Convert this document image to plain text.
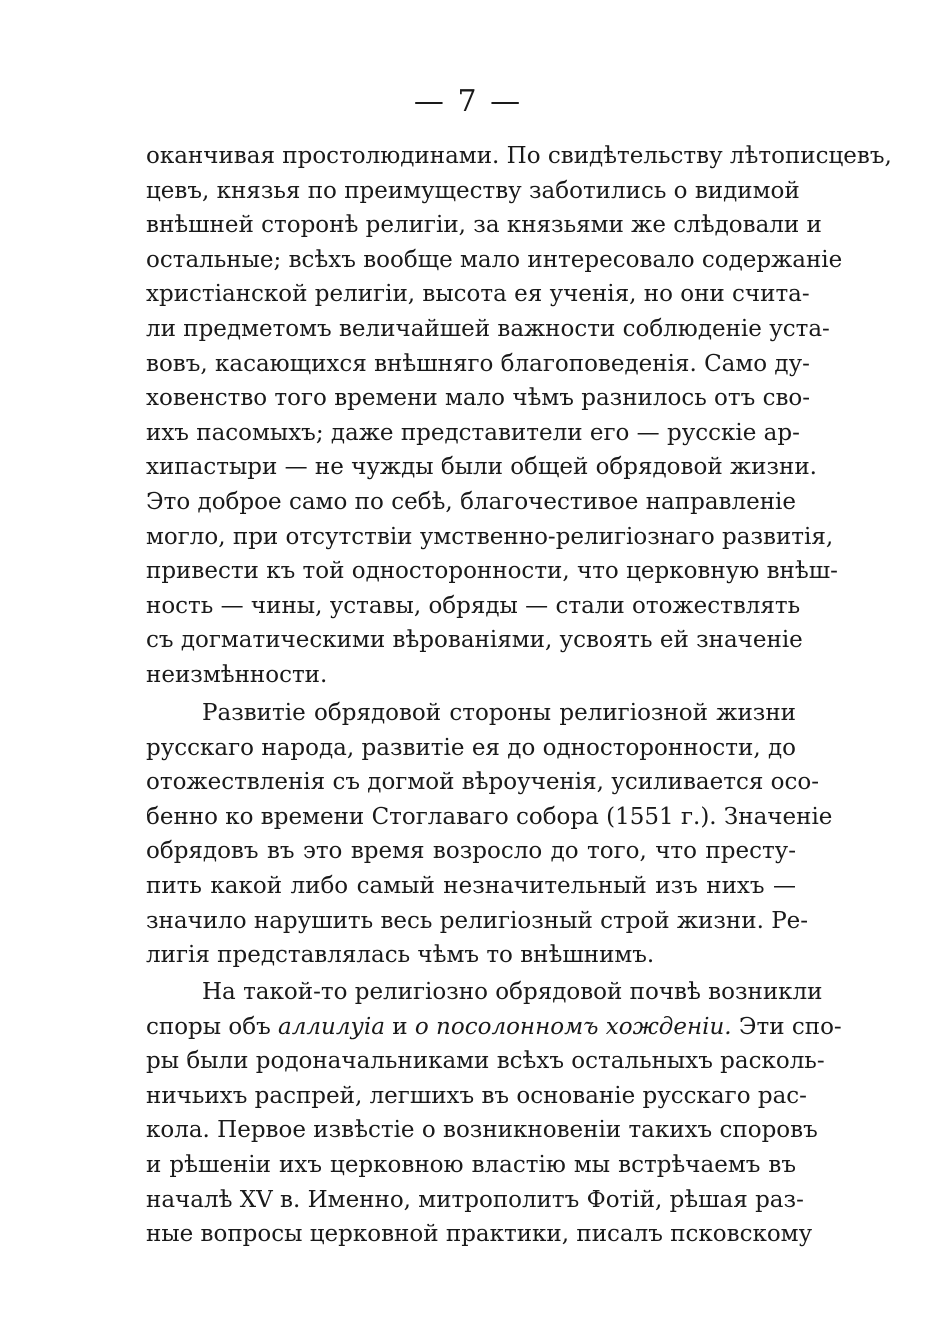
— 7 —
оканчивая простолюдинами. По свидѣтельству лѣтописцевъ,
цевъ, князья по преимуществу заботились о видимой
внѣшней сторонѣ религіи, за князьями же слѣдовали и
остальные; всѣхъ вообще мало интересовало содержаніе
христіанской религіи, высота ея ученія, но они счита-
ли предметомъ величайшей важности соблюденіе уста-
вовъ, касающихся внѣшняго благоповеденія. Само ду-
ховенство того времени мало чѣмъ разнилось отъ сво-
ихъ пасомыхъ; даже представители его — русскіе ар-
хипастыри — не чужды были общей обрядовой жизни.
Это доброе само по себѣ, благочестивое направленіе
могло, при отсутствіи умственно-религіознаго развитія,
привести къ той односторонности, что церковную внѣш-
ность — чины, уставы, обряды — стали отожествлять
съ догматическими вѣрованіями, усвоять ей значеніе
неизмѣнности.
Развитіе обрядовой стороны религіозной жизни
русскаго народа, развитіе ея до односторонности, до
отожествленія съ догмой вѣроученія, усиливается осо-
бенно ко времени Стоглаваго собора (1551 г.). Значеніе
обрядовъ въ это время возросло до того, что престу-
пить какой либо самый незначительный изъ нихъ —
значило нарушить весь религіозный строй жизни. Ре-
лигія представлялась чѣмъ то внѣшнимъ.
На такой-то религіозно обрядовой почвѣ возникли
споры объ аллилуіа и о посолонномъ хожденіи. Эти спо-
ры были родоначальниками всѣхъ остальныхъ расколь-
ничьихъ распрей, легшихъ въ основаніе русскаго рас-
кола. Первое извѣстіе о возникновеніи такихъ споровъ
и рѣшеніи ихъ церковною властію мы встрѣчаемъ въ
началѣ XV в. Именно, митрополитъ Фотій, рѣшая раз-
ные вопросы церковной практики, писалъ псковскому
